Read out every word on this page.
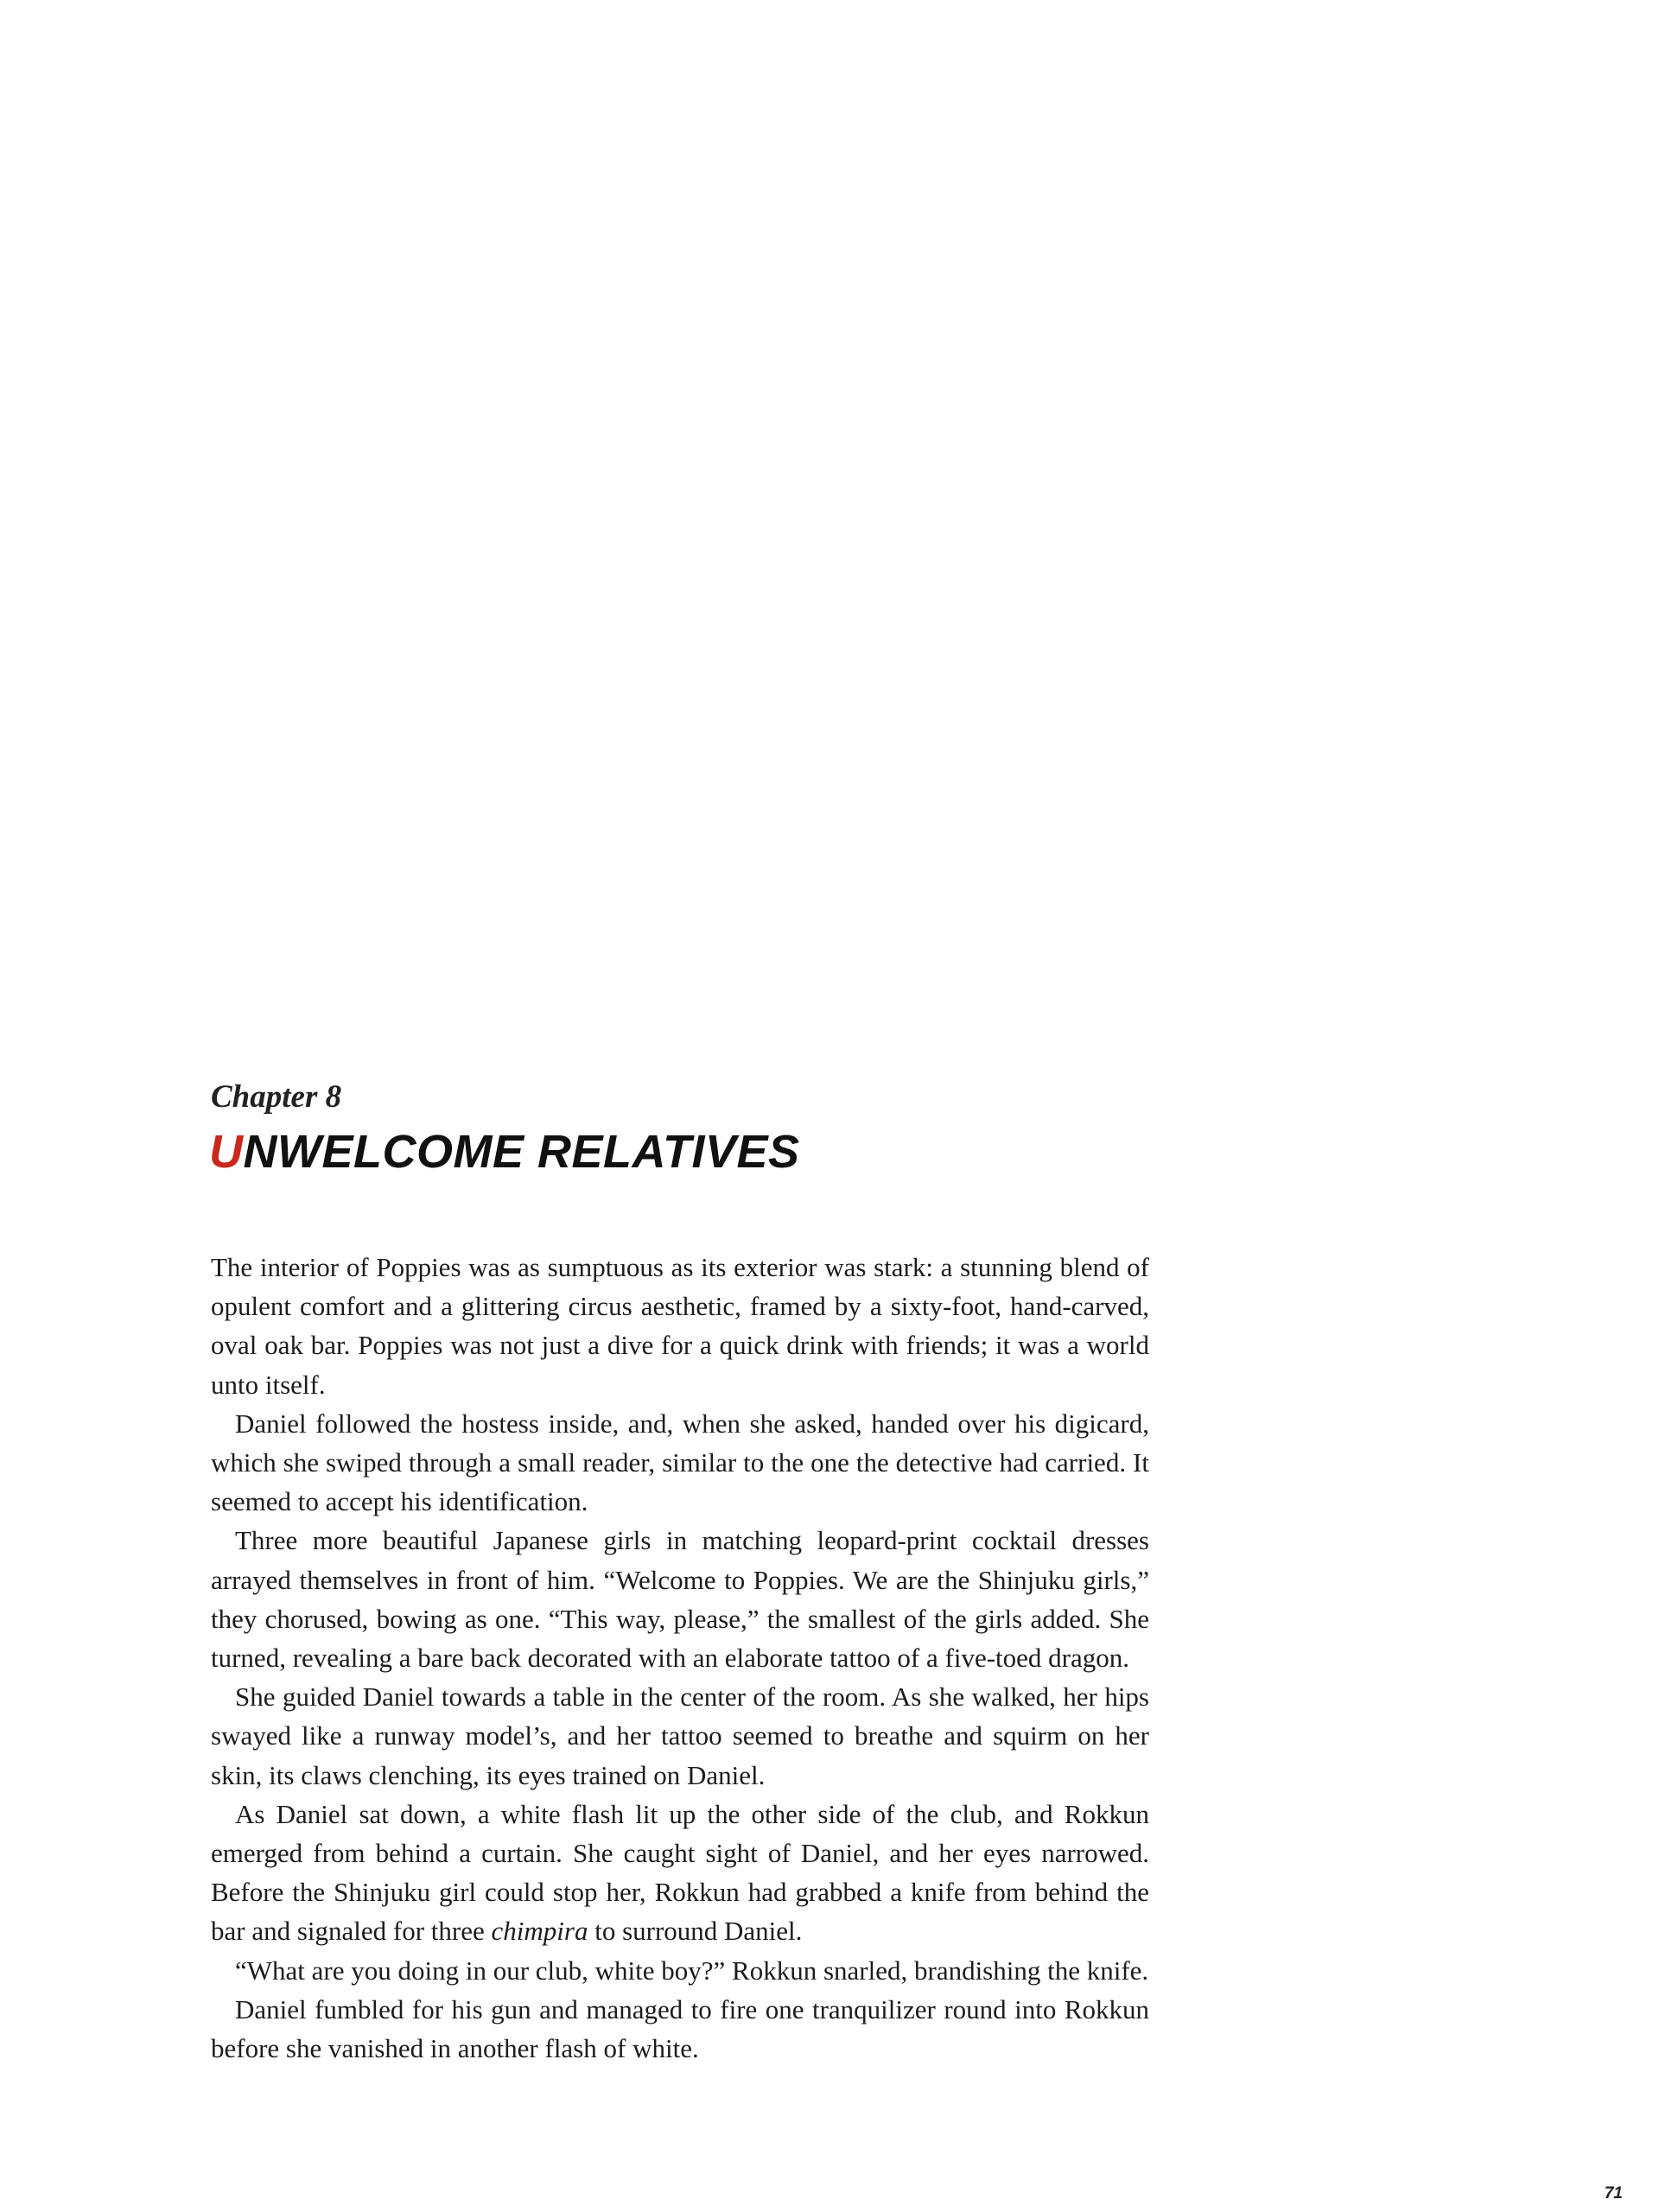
Chapter 8
UNWELCOME RELATIVES

The interior of Poppies was as sumptuous as its exterior was stark: a stunning blend of opulent comfort and a glittering circus aesthetic, framed by a sixty-foot, hand-carved, oval oak bar. Poppies was not just a dive for a quick drink with friends; it was a world unto itself.

Daniel followed the hostess inside, and, when she asked, handed over his digicard, which she swiped through a small reader, similar to the one the detective had carried. It seemed to accept his identification.

Three more beautiful Japanese girls in matching leopard-print cocktail dresses arrayed themselves in front of him. “Welcome to Poppies. We are the Shinjuku girls,” they chorused, bowing as one. “This way, please,” the smallest of the girls added. She turned, revealing a bare back decorated with an elaborate tattoo of a five-toed dragon.

She guided Daniel towards a table in the center of the room. As she walked, her hips swayed like a runway model’s, and her tattoo seemed to breathe and squirm on her skin, its claws clenching, its eyes trained on Daniel.

As Daniel sat down, a white flash lit up the other side of the club, and Rokkun emerged from behind a curtain. She caught sight of Daniel, and her eyes narrowed. Before the Shinjuku girl could stop her, Rokkun had grabbed a knife from behind the bar and signaled for three chimpira to surround Daniel.

“What are you doing in our club, white boy?” Rokkun snarled, brandishing the knife.

Daniel fumbled for his gun and managed to fire one tranquilizer round into Rokkun before she vanished in another flash of white.

71
